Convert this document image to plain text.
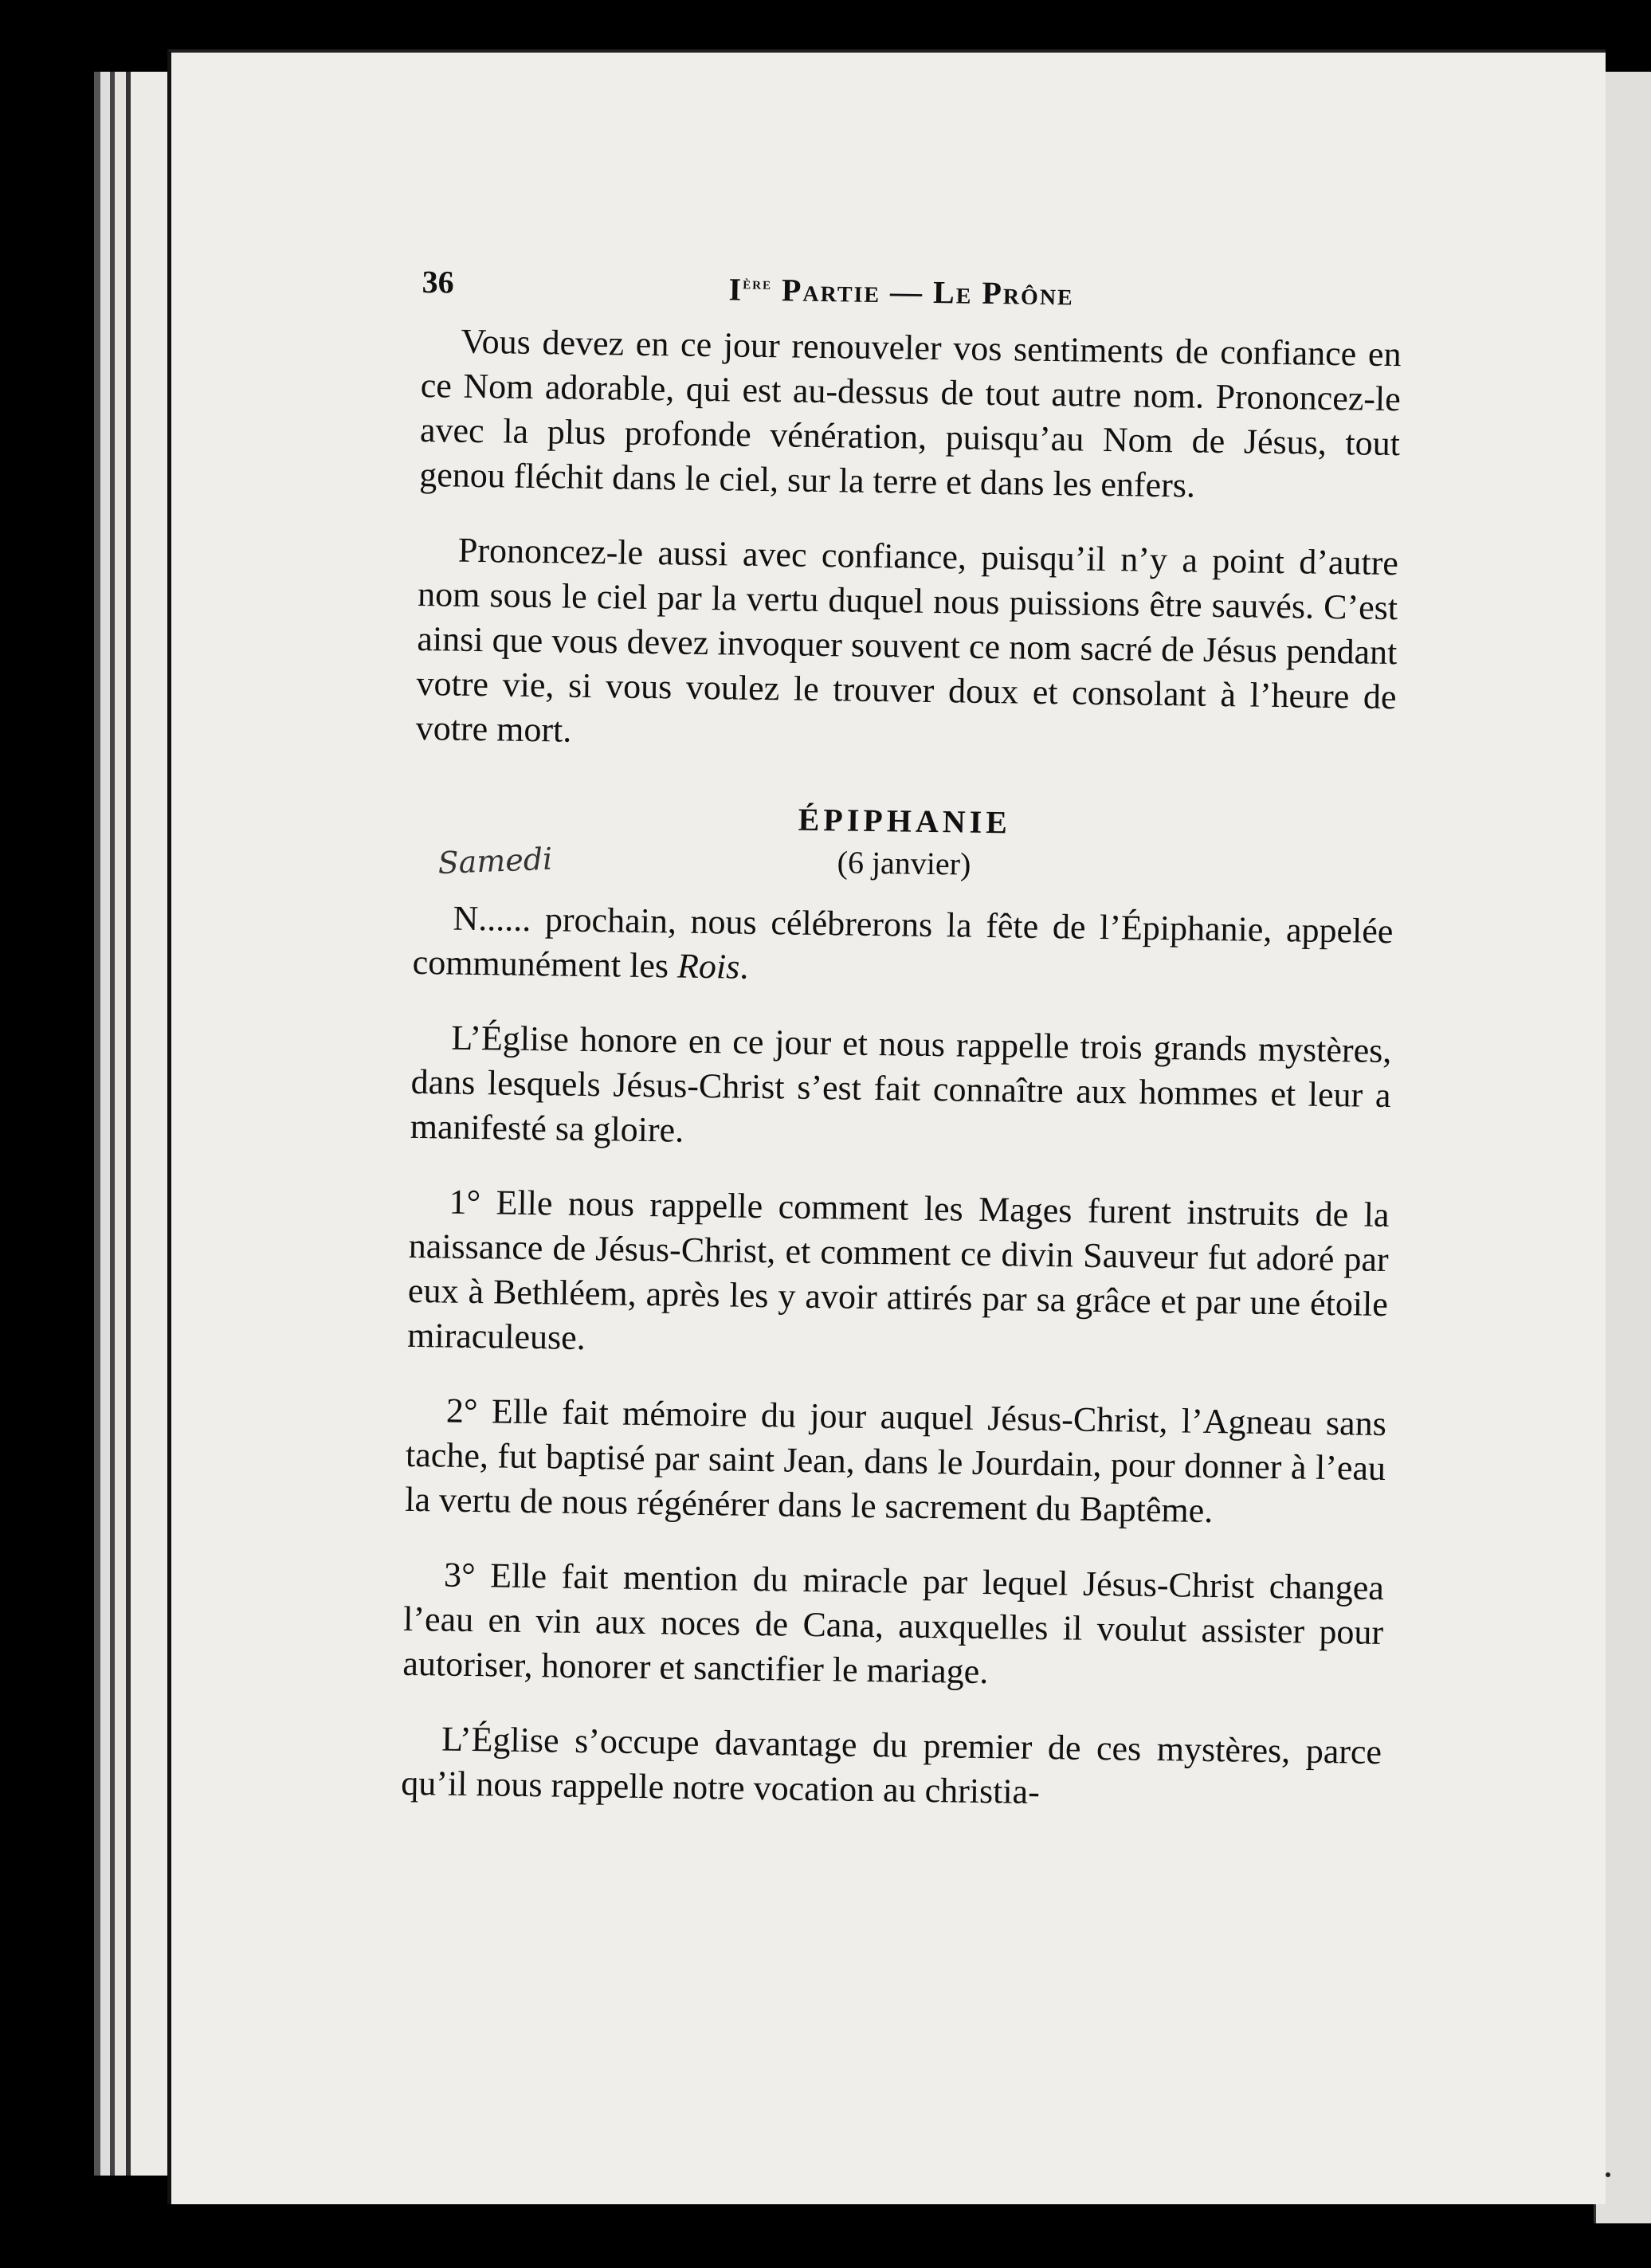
36	Ière Partie — Le Prône

Vous devez en ce jour renouveler vos sentiments de confiance en ce Nom adorable, qui est au-dessus de tout autre nom. Prononcez-le avec la plus profonde vénération, puisqu’au Nom de Jésus, tout genou fléchit dans le ciel, sur la terre et dans les enfers.

Prononcez-le aussi avec confiance, puisqu’il n’y a point d’autre nom sous le ciel par la vertu duquel nous puissions être sauvés. C’est ainsi que vous devez invoquer souvent ce nom sacré de Jésus pendant votre vie, si vous voulez le trouver doux et consolant à l’heure de votre mort.

ÉPIPHANIE
Samedi	(6 janvier)

N...... prochain, nous célébrerons la fête de l’Épiphanie, appelée communément les Rois.

L’Église honore en ce jour et nous rappelle trois grands mystères, dans lesquels Jésus-Christ s’est fait connaître aux hommes et leur a manifesté sa gloire.

1° Elle nous rappelle comment les Mages furent instruits de la naissance de Jésus-Christ, et comment ce divin Sauveur fut adoré par eux à Bethléem, après les y avoir attirés par sa grâce et par une étoile miraculeuse.

2° Elle fait mémoire du jour auquel Jésus-Christ, l’Agneau sans tache, fut baptisé par saint Jean, dans le Jourdain, pour donner à l’eau la vertu de nous régénérer dans le sacrement du Baptême.

3° Elle fait mention du miracle par lequel Jésus-Christ changea l’eau en vin aux noces de Cana, auxquelles il voulut assister pour autoriser, honorer et sanctifier le mariage.

L’Église s’occupe davantage du premier de ces mystères, parce qu’il nous rappelle notre vocation au christia-
